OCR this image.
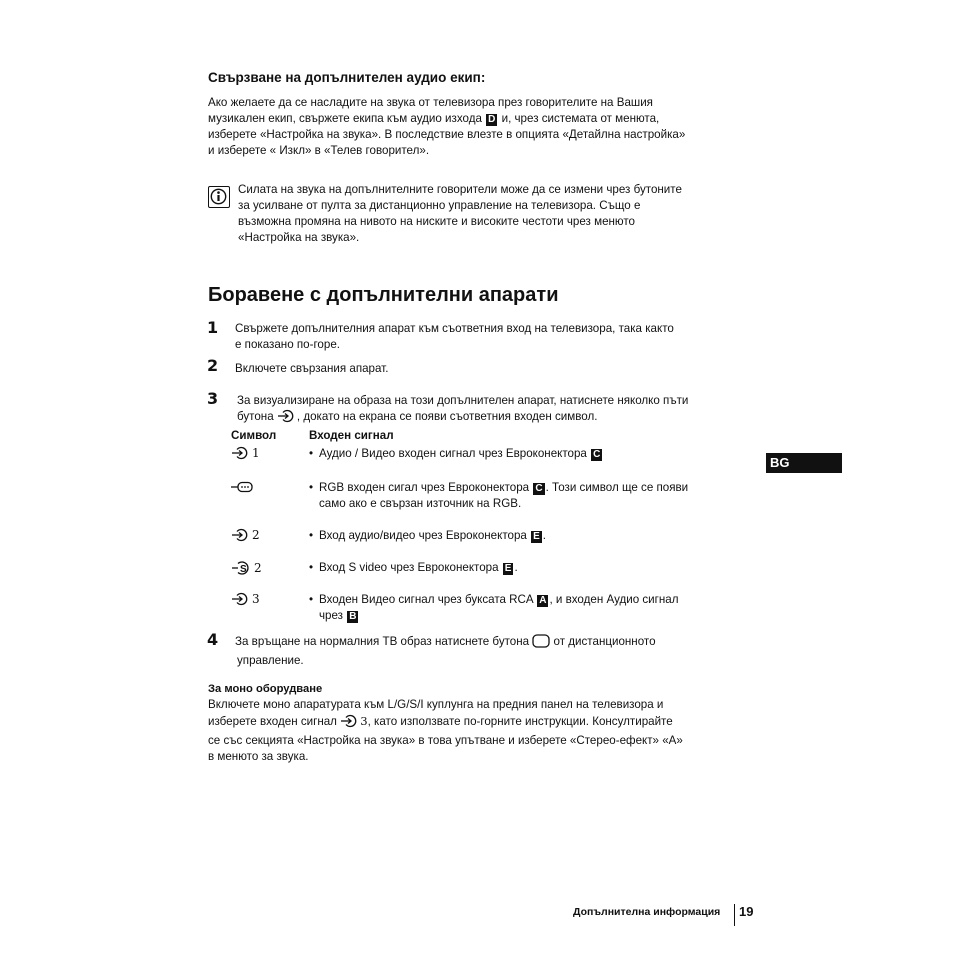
Свързване на допълнителен аудио екип:
Ако желаете да се насладите на звука от телевизора през говорителите на Вашия
музикален екип, свържете екипа към аудио изхода D и, чрез системата от менюта,
изберете «Настройка на звука». В последствие влезте в опцията «Детайлна настройка»
и изберете « Изкл» в «Телев говорител».
Силата на звука на допълнителните говорители може да се измени чрез бутоните
за усилване от пулта за дистанционно управление на телевизора. Също е
възможна промяна на нивото на ниските и високите честоти чрез менюто
«Настройка на звука».
Боравене с допълнителни апарати
1 Свържете допълнителния апарат към съответния вход на телевизора, така както
е показано по-горе.
2 Включете свързания апарат.
3 За визуализиране на образа на този допълнителен апарат, натиснете няколко пъти
бутона , докато на екрана се появи съответния входен символ.
Символ	Входен сигнал
1	• Аудио / Видео входен сигнал чрез Евроконектора C
• RGB входен сигал чрез Евроконектора C . Този символ ще се появи
само ако е свързан източник на RGB.
2	• Вход аудио/видео чрез Евроконектора E .
S 2	• Вход S video чрез Евроконектора E .
3	• Входен Видео сигнал чрез буксата RCA A , и входен Аудио сигнал
чрез B
4 За връщане на нормалния ТВ образ натиснете бутона  от дистанционното
управление.
BG
За моно оборудване
Включете моно апаратурата към L/G/S/I куплунга на предния панел на телевизора и
изберете входен сигнал 3, като използвате по-горните инструкции. Консултирайте
се със секцията «Настройка на звука» в това упътване и изберете «Стерео-ефект» «А»
в менюто за звука.
Допълнителна информация 19
